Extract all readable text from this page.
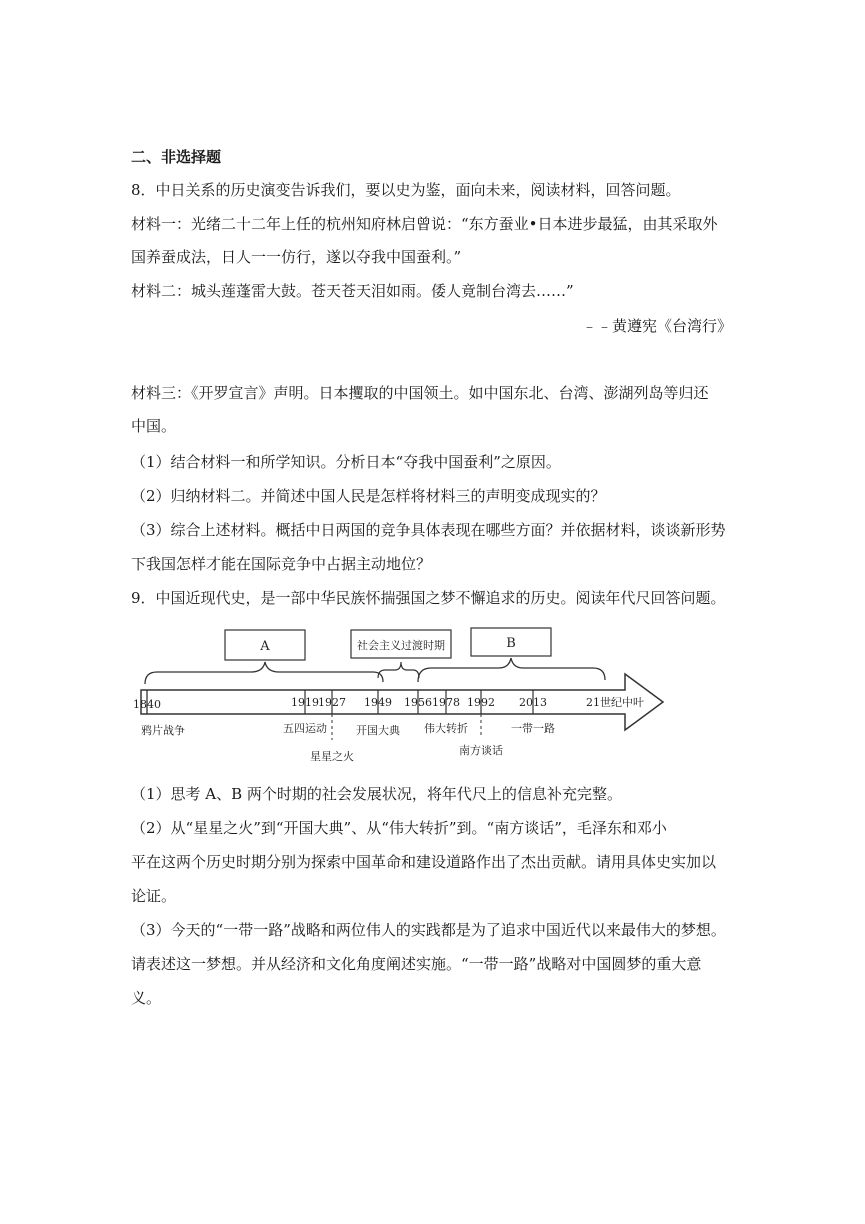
二、非选择题
8．中日关系的历史演变告诉我们，要以史为鉴，面向未来，阅读材料，回答问题。
材料一：光绪二十二年上任的杭州知府林启曾说：“东方蚕业•日本进步最猛，由其采取外
国养蚕成法，日人一一仿行，遂以夺我中国蚕利。”
材料二：城头莲蓬雷大鼓。苍天苍天泪如雨。倭人竟制台湾去……”
﹣﹣黄遵宪《台湾行》
材料三：《开罗宣言》声明。日本攫取的中国领土。如中国东北、台湾、澎湖列岛等归还
中国。
（1）结合材料一和所学知识。分析日本“夺我中国蚕利”之原因。
（2）归纳材料二。并简述中国人民是怎样将材料三的声明变成现实的？
（3）综合上述材料。概括中日两国的竞争具体表现在哪些方面？并依据材料，谈谈新形势
下我国怎样才能在国际竞争中占据主动地位？
9．中国近现代史，是一部中华民族怀揣强国之梦不懈追求的历史。阅读年代尺回答问题。
A	社会主义过渡时期	B
1840	1919 1927 1949 1956 1978 1992 2013	21世纪中叶
鸦片战争	五四运动	开国大典 伟大转折	一带一路
星星之火	南方谈话
（1）思考 A、B 两个时期的社会发展状况，将年代尺上的信息补充完整。
（2）从“星星之火”到“开国大典”、从“伟大转折”到。“南方谈话”，毛泽东和邓小
平在这两个历史时期分别为探索中国革命和建设道路作出了杰出贡献。请用具体史实加以
论证。
（3）今天的“一带一路”战略和两位伟人的实践都是为了追求中国近代以来最伟大的梦想。
请表述这一梦想。并从经济和文化角度阐述实施。“一带一路”战略对中国圆梦的重大意
义。
